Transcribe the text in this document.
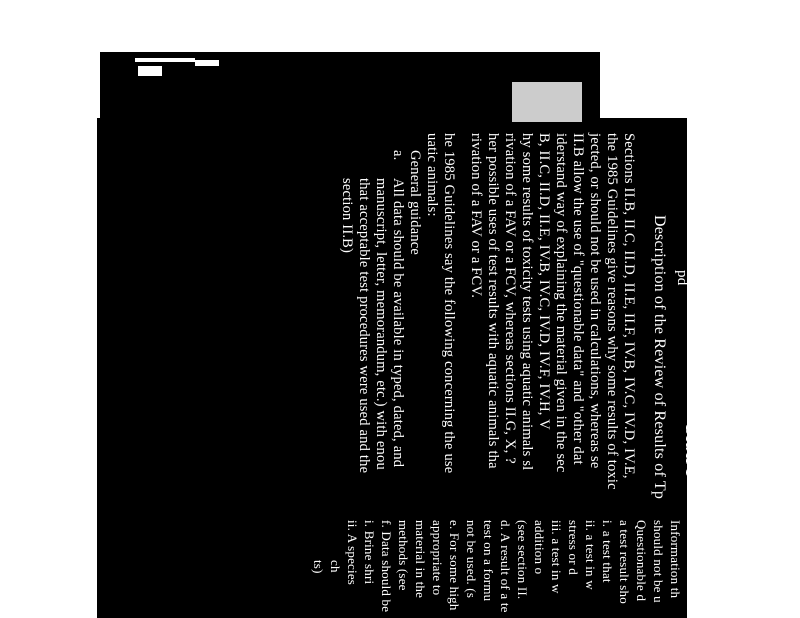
DRAFT
pd
Description of the Review of Results of Tp
Sections II.B, II.C, II.D, II.E, II.F, IV.B, IV.C, IV.D, IV.E,
the 1985 Guidelines give reasons why some results of toxic
jected, or should not be used in calculations, whereas se
II.B allow the use of "questionable data" and "other dat
iderstand way of explaining the material given in the sec
B, II.C, II.D, II.E, IV.B, IV.C, IV.D, IV.F, IV.H, V
hy some results of toxicity tests using aquatic animals sl
rivation of a FAV or a FCV, whereas sections II.G, X, ?
her possible uses of test results with aquatic animals tha
rivation of a FAV or a FCV.
he 1985 Guidelines say the following concerning the use
uatic animals:
General guidance
a.
All data should be available in typed, dated, and
manuscript, letter, memorandum, etc.) with enou
that acceptable test procedures were used and the
section II.B)
Information th
should not be u
Questionable d
a test result sho
i. a test that
ii. a test in w
stress or d
iii. a test in w
addition o
(see section II.
d. A result of a te
test on a formu
not be used. (s
e. For some high
appropriate to
material in the
methods (see
f. Data should be
i. Brine shri
ii. A species
ch
ts)
